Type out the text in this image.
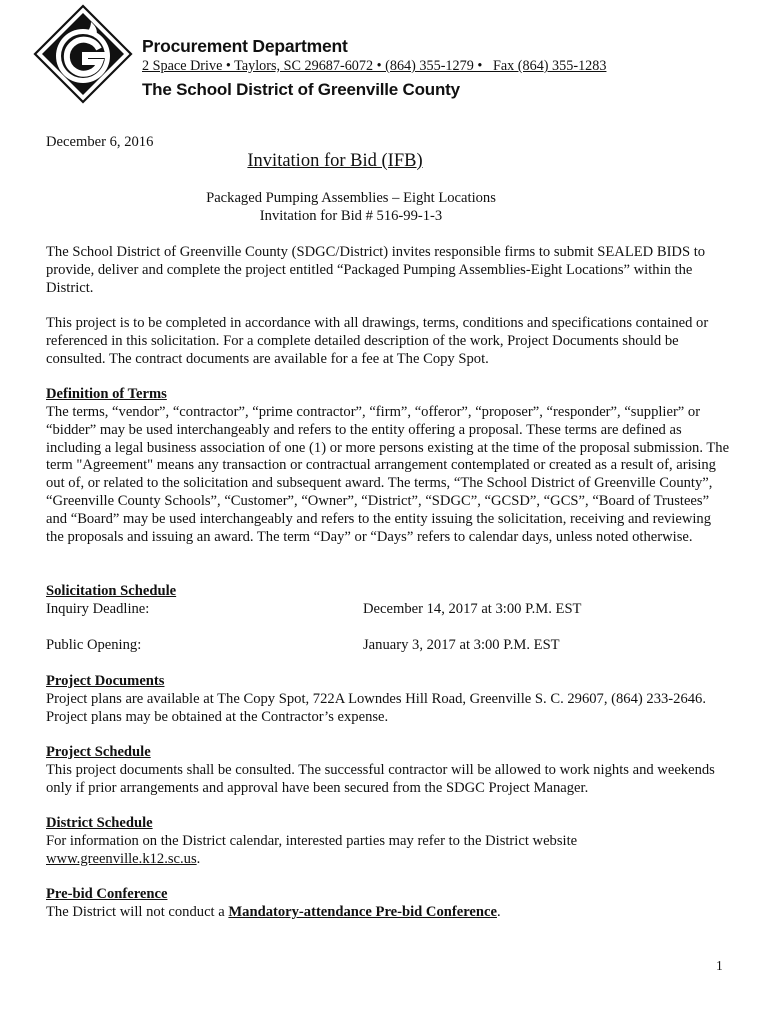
Procurement Department
2 Space Drive • Taylors, SC 29687-6072 • (864) 355-1279 •   Fax (864) 355-1283
The School District of Greenville County
December 6, 2016
Invitation for Bid (IFB)
Packaged Pumping Assemblies – Eight Locations
Invitation for Bid # 516-99-1-3
The School District of Greenville County (SDGC/District) invites responsible firms to submit SEALED BIDS to provide, deliver and complete the project entitled “Packaged Pumping Assemblies-Eight Locations” within the District.
This project is to be completed in accordance with all drawings, terms, conditions and specifications contained or referenced in this solicitation. For a complete detailed description of the work, Project Documents should be consulted. The contract documents are available for a fee at The Copy Spot.
Definition of Terms
The terms, “vendor”, “contractor”, “prime contractor”, “firm”, “offeror”, “proposer”, “responder”, “supplier” or “bidder” may be used interchangeably and refers to the entity offering a proposal. These terms are defined as including a legal business association of one (1) or more persons existing at the time of the proposal submission. The term "Agreement" means any transaction or contractual arrangement contemplated or created as a result of, arising out of, or related to the solicitation and subsequent award. The terms, “The School District of Greenville County”, “Greenville County Schools”, “Customer”, “Owner”, “District”, “SDGC”, “GCSD”, “GCS”, “Board of Trustees” and “Board” may be used interchangeably and refers to the entity issuing the solicitation, receiving and reviewing the proposals and issuing an award. The term “Day” or “Days” refers to calendar days, unless noted otherwise.
Solicitation Schedule
Inquiry Deadline:	December 14, 2017 at 3:00 P.M. EST
Public Opening:	January 3, 2017 at 3:00 P.M. EST
Project Documents
Project plans are available at The Copy Spot, 722A Lowndes Hill Road, Greenville S. C. 29607, (864) 233-2646. Project plans may be obtained at the Contractor’s expense.
Project Schedule
This project documents shall be consulted. The successful contractor will be allowed to work nights and weekends only if prior arrangements and approval have been secured from the SDGC Project Manager.
District Schedule
For information on the District calendar, interested parties may refer to the District website
www.greenville.k12.sc.us.
Pre-bid Conference
The District will not conduct a Mandatory-attendance Pre-bid Conference.
1
